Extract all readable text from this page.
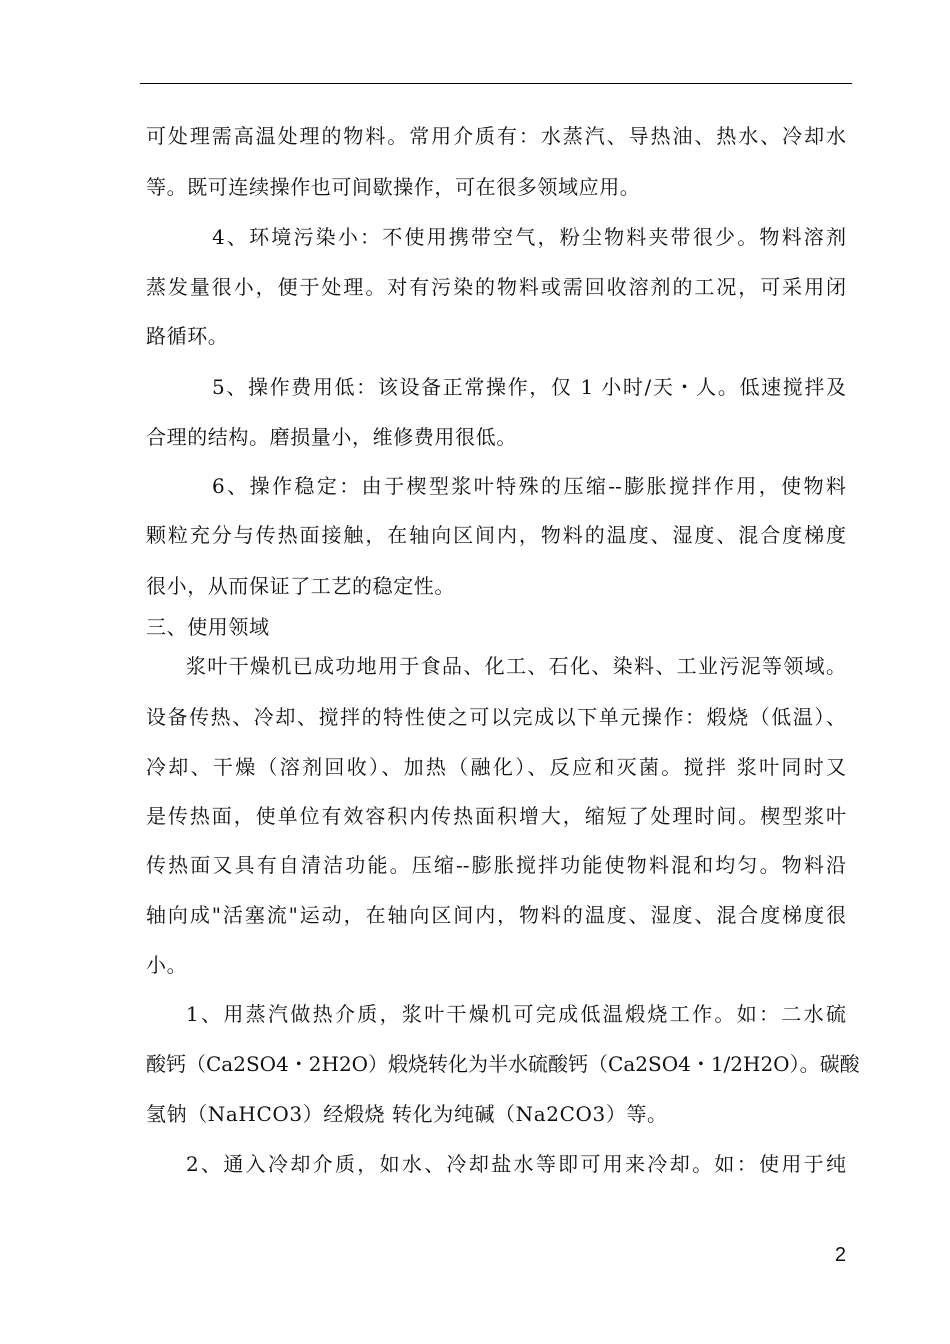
可处理需高温处理的物料。常用介质有：水蒸汽、导热油、热水、冷却水
等。既可连续操作也可间歇操作，可在很多领域应用。
4、环境污染小：不使用携带空气，粉尘物料夹带很少。物料溶剂
蒸发量很小，便于处理。对有污染的物料或需回收溶剂的工况，可采用闭
路循环。
5、操作费用低：该设备正常操作，仅 1 小时/天・人。低速搅拌及
合理的结构。磨损量小，维修费用很低。
6、操作稳定：由于楔型浆叶特殊的压缩--膨胀搅拌作用，使物料
颗粒充分与传热面接触，在轴向区间内，物料的温度、湿度、混合度梯度
很小，从而保证了工艺的稳定性。
三、使用领域
浆叶干燥机已成功地用于食品、化工、石化、染料、工业污泥等领域。
设备传热、冷却、搅拌的特性使之可以完成以下单元操作：煅烧（低温）、
冷却、干燥（溶剂回收）、加热（融化）、反应和灭菌。搅拌 浆叶同时又
是传热面，使单位有效容积内传热面积增大，缩短了处理时间。楔型浆叶
传热面又具有自清洁功能。压缩--膨胀搅拌功能使物料混和均匀。物料沿
轴向成"活塞流"运动，在轴向区间内，物料的温度、湿度、混合度梯度很
小。
1、用蒸汽做热介质，浆叶干燥机可完成低温煅烧工作。如：二水硫
酸钙（Ca2SO4・2H2O）煅烧转化为半水硫酸钙（Ca2SO4・1/2H2O）。碳酸
氢钠（NaHCO3）经煅烧 转化为纯碱（Na2CO3）等。
2、通入冷却介质，如水、冷却盐水等即可用来冷却。如：使用于纯
2
